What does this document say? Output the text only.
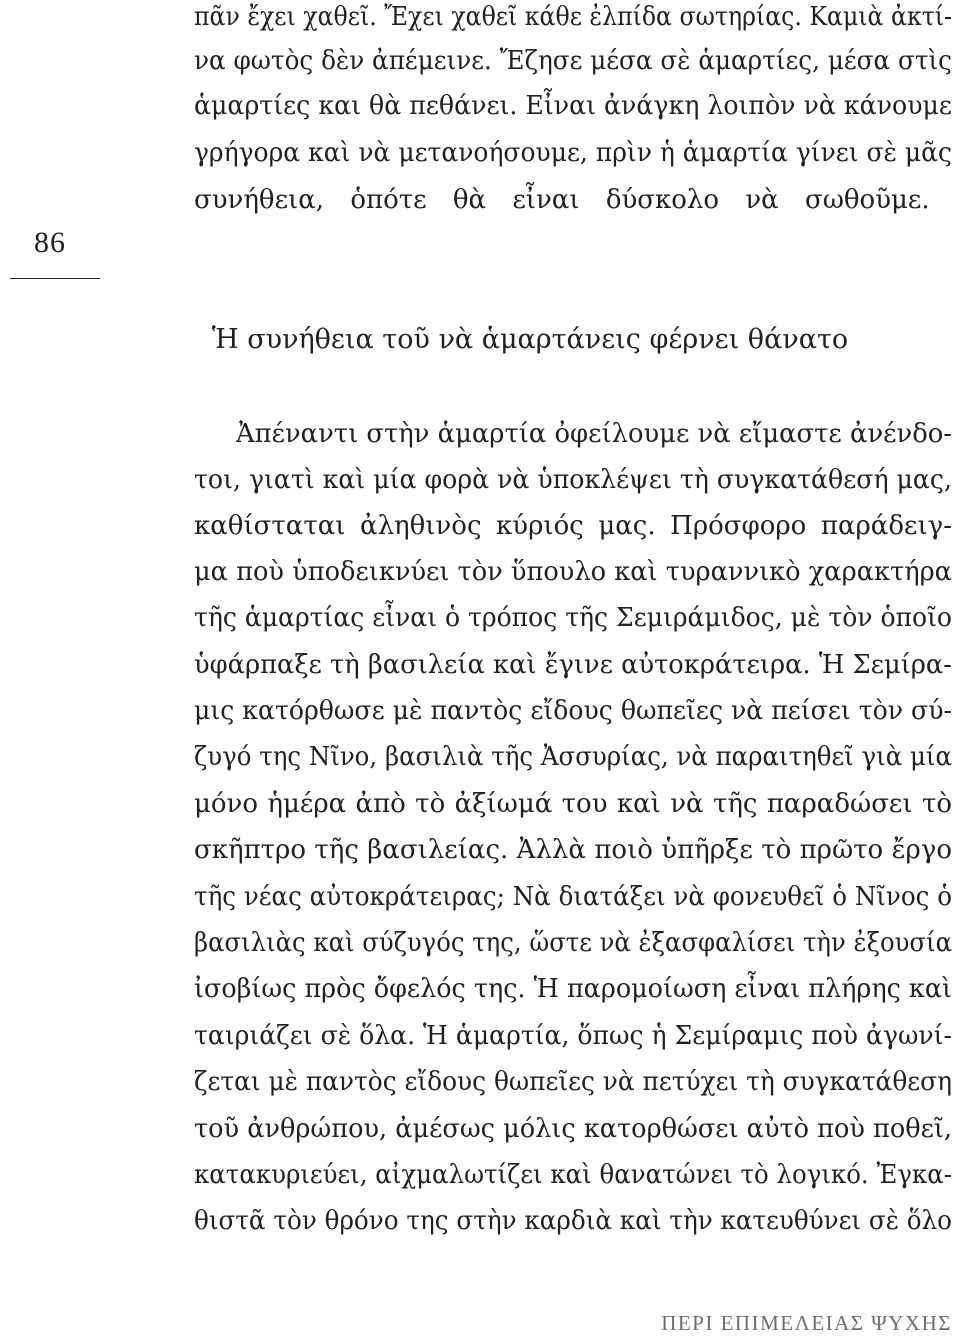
86
πᾶν ἔχει χαθεῖ. Ἔχει χαθεῖ κάθε ἐλπίδα σωτηρίας. Καμιὰ ἀκτί-
να φωτὸς δὲν ἀπέμεινε. Ἔζησε μέσα σὲ ἁμαρτίες, μέσα στὶς
ἁμαρτίες και θὰ πεθάνει. Εἶναι ἀνάγκη λοιπὸν νὰ κάνουμε
γρήγορα καὶ νὰ μετανοήσουμε, πρὶν ἡ ἁμαρτία γίνει σὲ μᾶς
συνήθεια, ὁπότε θὰ εἶναι δύσκολο νὰ σωθοῦμε.
Ἡ συνήθεια τοῦ νὰ ἁμαρτάνεις φέρνει θάνατο
Ἀπέναντι στὴν ἁμαρτία ὀφείλουμε νὰ εἴμαστε ἀνένδο-
τοι, γιατὶ καὶ μία φορὰ νὰ ὑποκλέψει τὴ συγκατάθεσή μας,
καθίσταται ἀληθινὸς κύριός μας. Πρόσφορο παράδειγ-
μα ποὺ ὑποδεικνύει τὸν ὕπουλο καὶ τυραννικὸ χαρακτήρα
τῆς ἁμαρτίας εἶναι ὁ τρόπος τῆς Σεμιράμιδος, μὲ τὸν ὁποῖο
ὑφάρπαξε τὴ βασιλεία καὶ ἔγινε αὐτοκράτειρα. Ἡ Σεμίρα-
μις κατόρθωσε μὲ παντὸς εἴδους θωπεῖες νὰ πείσει τὸν σύ-
ζυγό της Νῖνο, βασιλιὰ τῆς Ἀσσυρίας, νὰ παραιτηθεῖ γιὰ μία
μόνο ἡμέρα ἀπὸ τὸ ἀξίωμά του καὶ νὰ τῆς παραδώσει τὸ
σκῆπτρο τῆς βασιλείας. Ἀλλὰ ποιὸ ὑπῆρξε τὸ πρῶτο ἔργο
τῆς νέας αὐτοκράτειρας; Νὰ διατάξει νὰ φονευθεῖ ὁ Νῖνος ὁ
βασιλιὰς καὶ σύζυγός της, ὥστε νὰ ἐξασφαλίσει τὴν ἐξουσία
ἰσοβίως πρὸς ὄφελός της. Ἡ παρομοίωση εἶναι πλήρης καὶ
ταιριάζει σὲ ὅλα. Ἡ ἁμαρτία, ὅπως ἡ Σεμίραμις ποὺ ἀγωνί-
ζεται μὲ παντὸς εἴδους θωπεῖες νὰ πετύχει τὴ συγκατάθεση
τοῦ ἀνθρώπου, ἀμέσως μόλις κατορθώσει αὐτὸ ποὺ ποθεῖ,
κατακυριεύει, αἰχμαλωτίζει καὶ θανατώνει τὸ λογικό. Ἐγκα-
θιστᾶ τὸν θρόνο της στὴν καρδιὰ καὶ τὴν κατευθύνει σὲ ὅλο
ΠΕΡΙ ΕΠΙΜΕΛΕΙΑΣ ΨΥΧΗΣ
